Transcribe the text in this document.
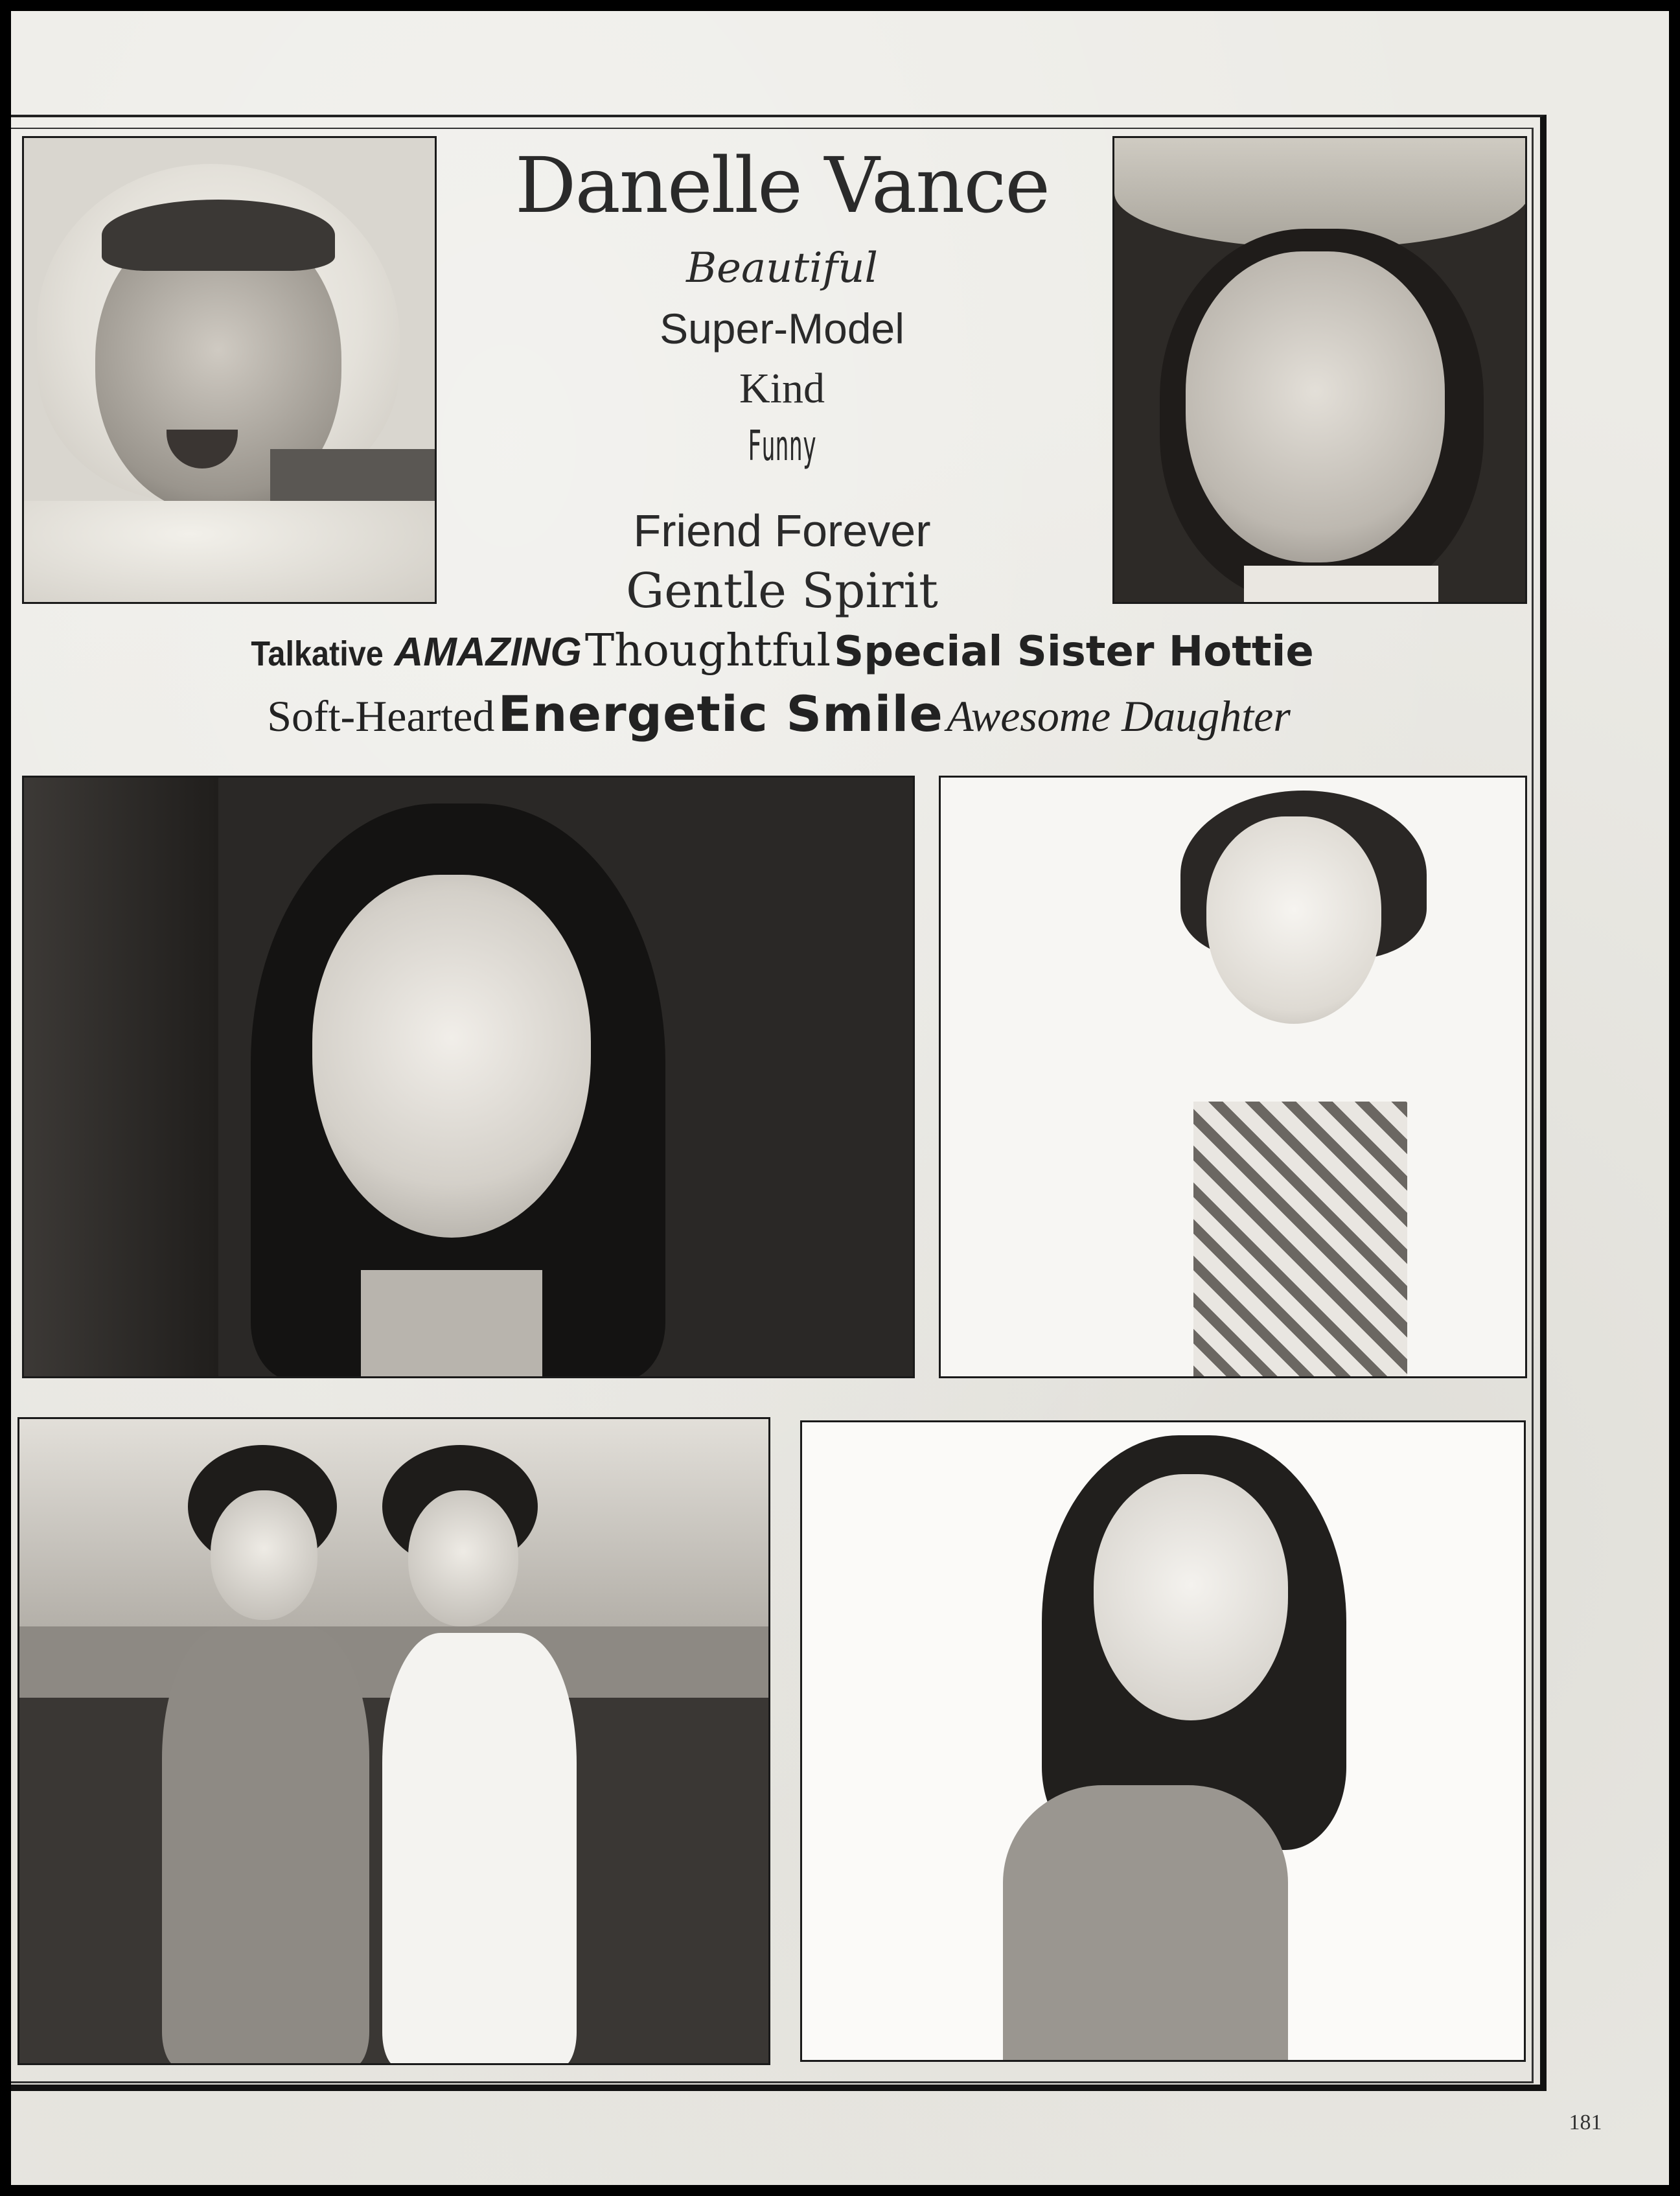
Danelle Vance
Beautiful
Super-Model
Kind
Funny
Friend Forever
Gentle Spirit
Talkative AMAZING Thoughtful Special Sister Hottie
Soft-Hearted Energetic Smile Awesome Daughter
181
